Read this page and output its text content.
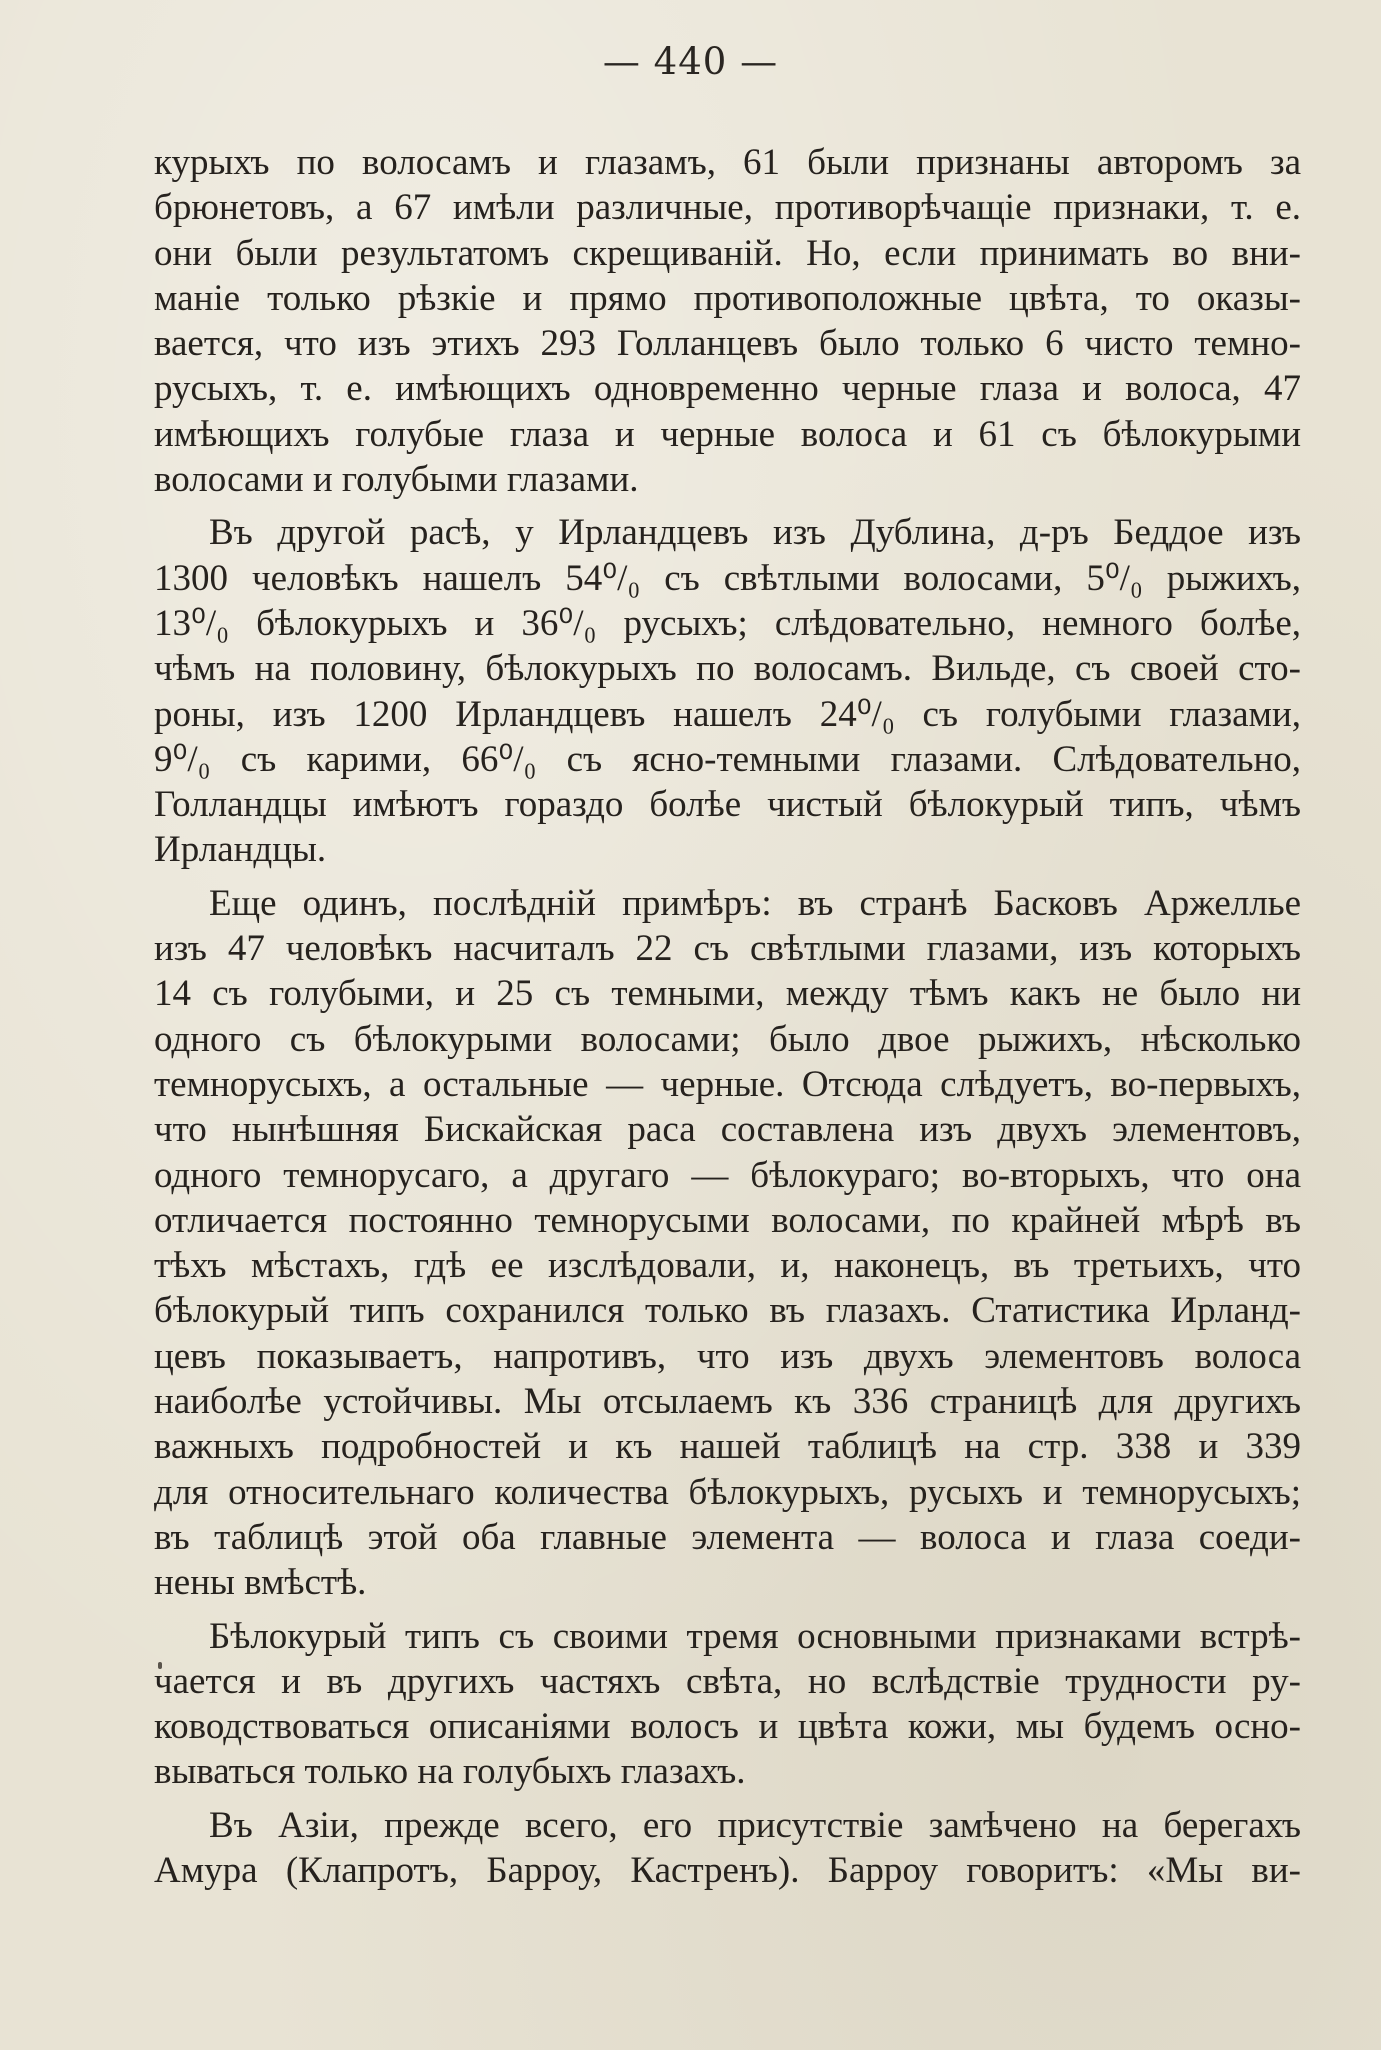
— 440 —
курыхъ по волосамъ и глазамъ, 61 были признаны авторомъ за
брюнетовъ, а 67 имѣли различные, противорѣчащіе признаки, т. е.
они были результатомъ скрещиваній. Но, если принимать во вни-
маніе только рѣзкіе и прямо противоположные цвѣта, то оказы-
вается, что изъ этихъ 293 Голланцевъ было только 6 чисто темно-
русыхъ, т. е. имѣющихъ одновременно черные глаза и волоса, 47
имѣющихъ голубые глаза и черные волоса и 61 съ бѣлокурыми
волосами и голубыми глазами.
Въ другой расѣ, у Ирландцевъ изъ Дублина, д-ръ Беддое изъ
1300 человѣкъ нашелъ 54⁰/₀ съ свѣтлыми волосами, 5⁰/₀ рыжихъ,
13⁰/₀ бѣлокурыхъ и 36⁰/₀ русыхъ; слѣдовательно, немного болѣе,
чѣмъ на половину, бѣлокурыхъ по волосамъ. Вильде, съ своей сто-
роны, изъ 1200 Ирландцевъ нашелъ 24⁰/₀ съ голубыми глазами,
9⁰/₀ съ карими, 66⁰/₀ съ ясно-темными глазами. Слѣдовательно,
Голландцы имѣютъ гораздо болѣе чистый бѣлокурый типъ, чѣмъ
Ирландцы.
Еще одинъ, послѣдній примѣръ: въ странѣ Басковъ Аржеллье
изъ 47 человѣкъ насчиталъ 22 съ свѣтлыми глазами, изъ которыхъ
14 съ голубыми, и 25 съ темными, между тѣмъ какъ не было ни
одного съ бѣлокурыми волосами; было двое рыжихъ, нѣсколько
темнорусыхъ, а остальные — черные. Отсюда слѣдуетъ, во-первыхъ,
что нынѣшняя Бискайская раса составлена изъ двухъ элементовъ,
одного темнорусаго, а другаго — бѣлокураго; во-вторыхъ, что она
отличается постоянно темнорусыми волосами, по крайней мѣрѣ въ
тѣхъ мѣстахъ, гдѣ ее изслѣдовали, и, наконецъ, въ третьихъ, что
бѣлокурый типъ сохранился только въ глазахъ. Статистика Ирланд-
цевъ показываетъ, напротивъ, что изъ двухъ элементовъ волоса
наиболѣе устойчивы. Мы отсылаемъ къ 336 страницѣ для другихъ
важныхъ подробностей и къ нашей таблицѣ на стр. 338 и 339
для относительнаго количества бѣлокурыхъ, русыхъ и темнорусыхъ;
въ таблицѣ этой оба главные элемента — волоса и глаза соеди-
нены вмѣстѣ.
Бѣлокурый типъ съ своими тремя основными признаками встрѣ-
чается и въ другихъ частяхъ свѣта, но вслѣдствіе трудности ру-
ководствоваться описаніями волосъ и цвѣта кожи, мы будемъ осно-
вываться только на голубыхъ глазахъ.
Въ Азіи, прежде всего, его присутствіе замѣчено на берегахъ
Амура (Клапротъ, Барроу, Кастренъ). Барроу говоритъ: «Мы ви-
